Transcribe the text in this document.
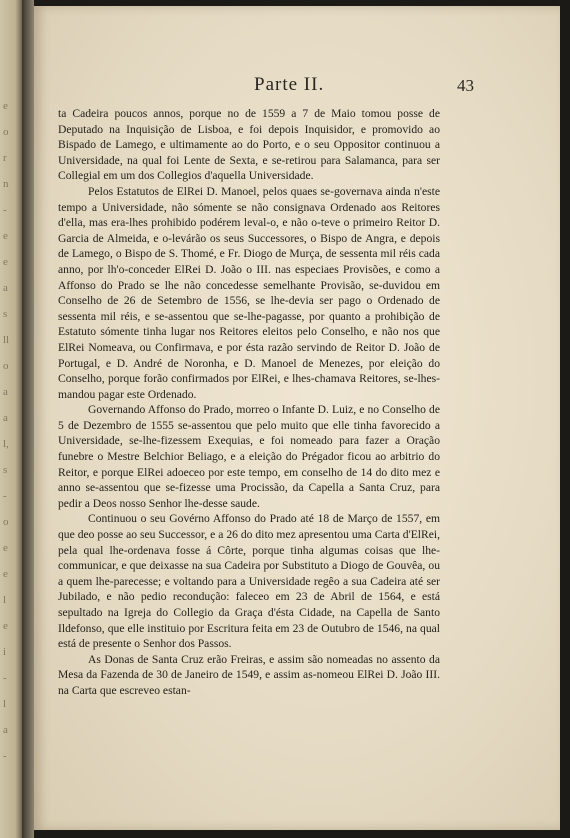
e
o
r
n
-
e
e
a
s
ll
o
a
a
l,
s
-
o
e
e
l
e
i
-
l
a
-
Parte II.	43

ta Cadeira poucos annos, porque no de 1559 a 7 de Maio tomou posse de Deputado na Inquisição de Lisboa, e foi depois Inquisidor, e promovido ao Bispado de Lamego, e ultimamente ao do Porto, e o seu Oppositor continuou a Universidade, na qual foi Lente de Sexta, e se-retirou para Salamanca, para ser Collegial em um dos Collegios d'aquella Universidade.

Pelos Estatutos de ElRei D. Manoel, pelos quaes se-governava ainda n'este tempo a Universidade, não sómente se não consignava Ordenado aos Reitores d'ella, mas era-lhes prohibido podérem leval-o, e não o-teve o primeiro Reitor D. Garcia de Almeida, e o-levárão os seus Successores, o Bispo de Angra, e depois de Lamego, o Bispo de S. Thomé, e Fr. Diogo de Murça, de sessenta mil réis cada anno, por lh'o-conceder ElRei D. João o III. nas especiaes Provisões, e como a Affonso do Prado se lhe não concedesse semelhante Provisão, se-duvidou em Conselho de 26 de Setembro de 1556, se lhe-devia ser pago o Ordenado de sessenta mil réis, e se-assentou que se-lhe-pagasse, por quanto a prohibição de Estatuto sómente tinha lugar nos Reitores eleitos pelo Conselho, e não nos que ElRei Nomeava, ou Confirmava, e por ésta razão servindo de Reitor D. João de Portugal, e D. André de Noronha, e D. Manoel de Menezes, por eleição do Conselho, porque forão confirmados por ElRei, e lhes-chamava Reitores, se-lhes-mandou pagar este Ordenado.

Governando Affonso do Prado, morreo o Infante D. Luiz, e no Conselho de 5 de Dezembro de 1555 se-assentou que pelo muito que elle tinha favorecido a Universidade, se-lhe-fizessem Exequias, e foi nomeado para fazer a Oração funebre o Mestre Belchior Beliago, e a eleição do Prégador ficou ao arbitrio do Reitor, e porque ElRei adoeceo por este tempo, em conselho de 14 do dito mez e anno se-assentou que se-fizesse uma Procissão, da Capella a Santa Cruz, para pedir a Deos nosso Senhor lhe-desse saude.

Continuou o seu Govérno Affonso do Prado até 18 de Março de 1557, em que deo posse ao seu Successor, e a 26 do dito mez apresentou uma Carta d'ElRei, pela qual lhe-ordenava fosse á Côrte, porque tinha algumas coisas que lhe-communicar, e que deixasse na sua Cadeira por Substituto a Diogo de Gouvêa, ou a quem lhe-parecesse; e voltando para a Universidade regêo a sua Cadeira até ser Jubilado, e não pedio recondução: faleceo em 23 de Abril de 1564, e está sepultado na Igreja do Collegio da Graça d'ésta Cidade, na Capella de Santo Ildefonso, que elle instituio por Escritura feita em 23 de Outubro de 1546, na qual está de presente o Senhor dos Passos.

As Donas de Santa Cruz erão Freiras, e assim são nomeadas no assento da Mesa da Fazenda de 30 de Janeiro de 1549, e assim as-nomeou ElRei D. João III. na Carta que escreveo estan-
